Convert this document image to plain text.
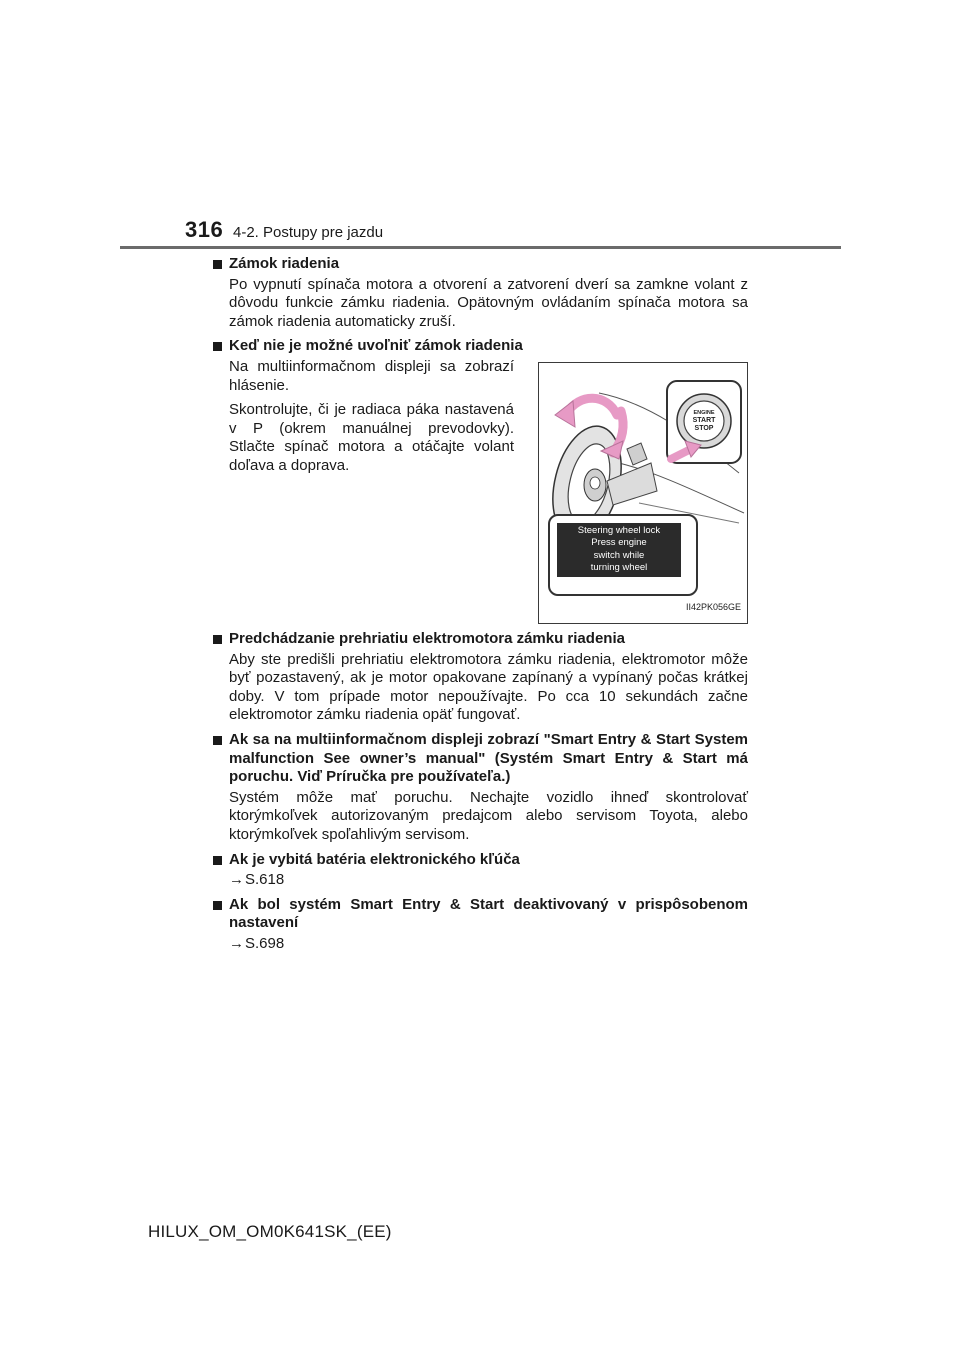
316 4-2. Postupy pre jazdu
Zámok riadenia
Po vypnutí spínača motora a otvorení a zatvorení dverí sa zamkne volant z dôvodu funkcie zámku riadenia. Opätovným ovládaním spínača motora sa zámok riadenia automaticky zruší.
Keď nie je možné uvoľniť zámok riadenia

Na multiinformačnom displeji sa zobrazí hlásenie.

Skontrolujte, či je radiaca páka nastavená v P (okrem manuálnej prevodovky). Stlačte spínač motora a otáčajte volant doľava a doprava.

ENGINE
START
STOP
Steering wheel lock
Press engine
switch while
turning wheel
II42PK056GE
Predchádzanie prehriatiu elektromotora zámku riadenia
Aby ste predišli prehriatiu elektromotora zámku riadenia, elektromotor môže byť pozastavený, ak je motor opakovane zapínaný a vypínaný počas krátkej doby. V tom prípade motor nepoužívajte. Po cca 10 sekundách začne elektromotor zámku riadenia opäť fungovať.
Ak sa na multiinformačnom displeji zobrazí "Smart Entry & Start System malfunction See owner’s manual" (Systém Smart Entry & Start má poruchu. Viď Príručka pre používateľa.)
Systém môže mať poruchu. Nechajte vozidlo ihneď skontrolovať ktorýmkoľvek autorizovaným predajcom alebo servisom Toyota, alebo ktorýmkoľvek spoľahlivým servisom.
Ak je vybitá batéria elektronického kľúča
→S.618
Ak bol systém Smart Entry & Start deaktivovaný v prispôsobenom nastavení
→S.698
HILUX_OM_OM0K641SK_(EE)
